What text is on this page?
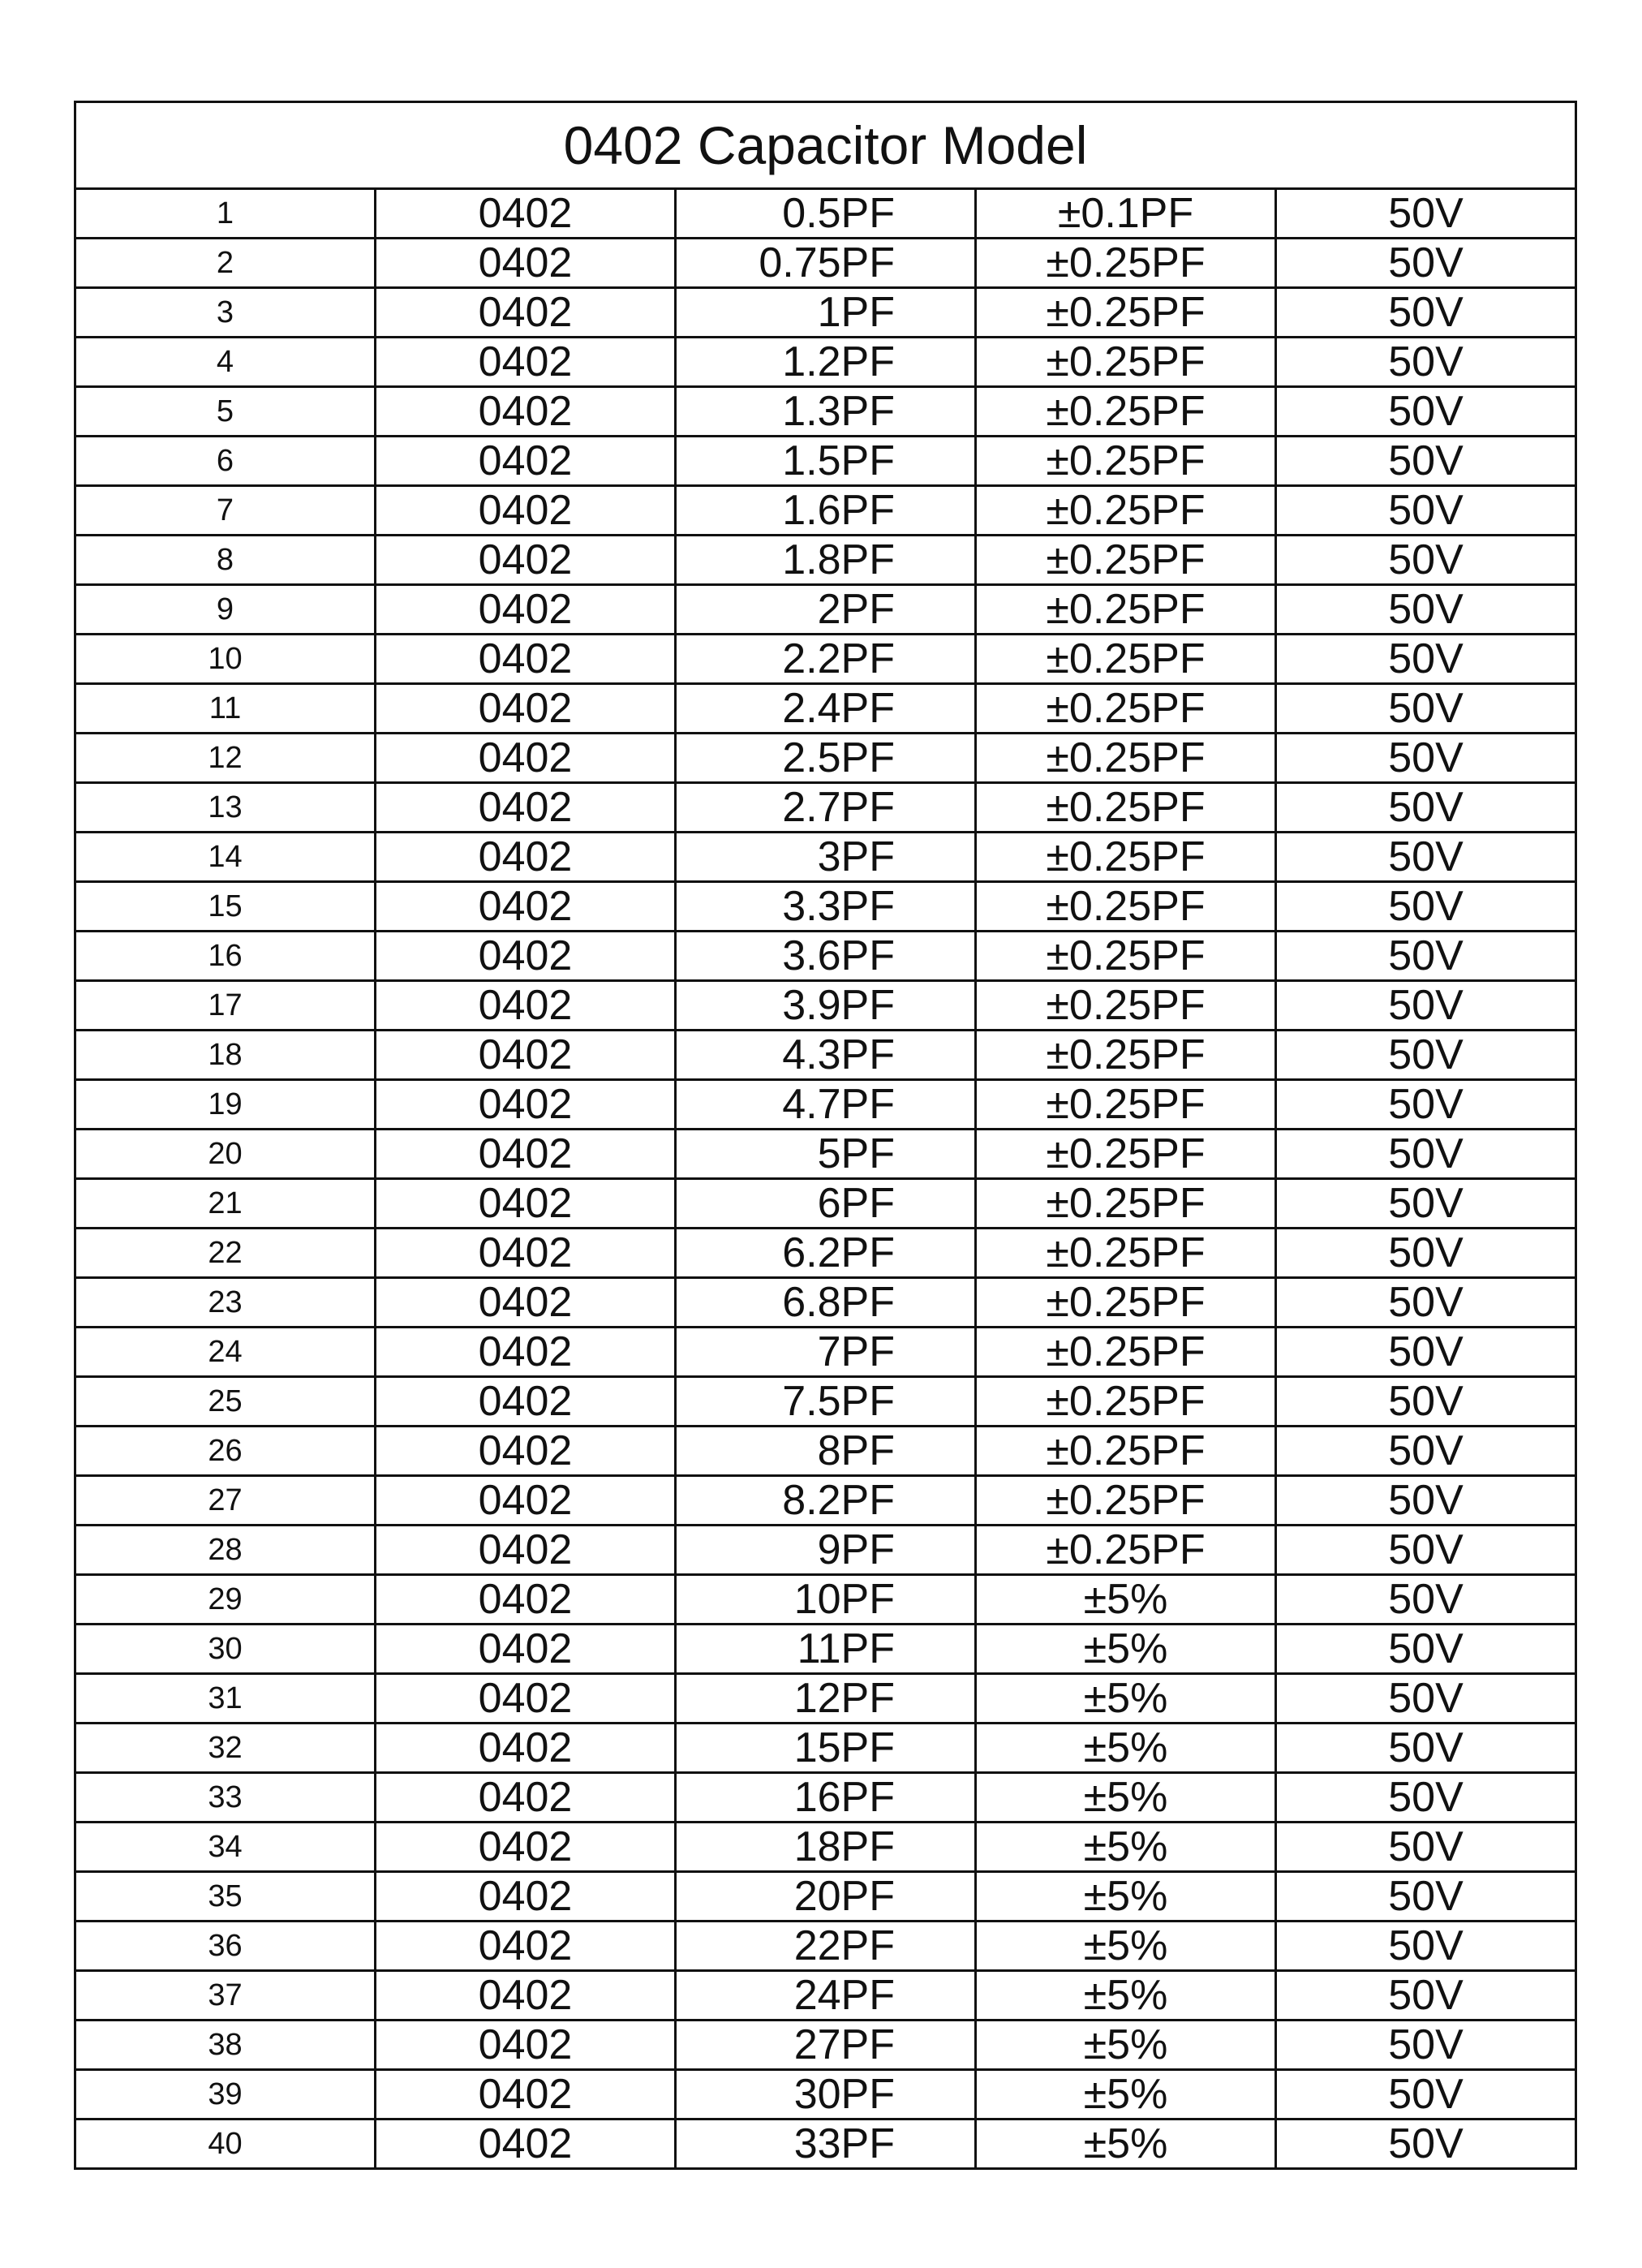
0402 Capacitor Model				
1	0402	0.5PF	±0.1PF	50V
2	0402	0.75PF	±0.25PF	50V
3	0402	1PF	±0.25PF	50V
4	0402	1.2PF	±0.25PF	50V
5	0402	1.3PF	±0.25PF	50V
6	0402	1.5PF	±0.25PF	50V
7	0402	1.6PF	±0.25PF	50V
8	0402	1.8PF	±0.25PF	50V
9	0402	2PF	±0.25PF	50V
10	0402	2.2PF	±0.25PF	50V
11	0402	2.4PF	±0.25PF	50V
12	0402	2.5PF	±0.25PF	50V
13	0402	2.7PF	±0.25PF	50V
14	0402	3PF	±0.25PF	50V
15	0402	3.3PF	±0.25PF	50V
16	0402	3.6PF	±0.25PF	50V
17	0402	3.9PF	±0.25PF	50V
18	0402	4.3PF	±0.25PF	50V
19	0402	4.7PF	±0.25PF	50V
20	0402	5PF	±0.25PF	50V
21	0402	6PF	±0.25PF	50V
22	0402	6.2PF	±0.25PF	50V
23	0402	6.8PF	±0.25PF	50V
24	0402	7PF	±0.25PF	50V
25	0402	7.5PF	±0.25PF	50V
26	0402	8PF	±0.25PF	50V
27	0402	8.2PF	±0.25PF	50V
28	0402	9PF	±0.25PF	50V
29	0402	10PF	±5%	50V
30	0402	11PF	±5%	50V
31	0402	12PF	±5%	50V
32	0402	15PF	±5%	50V
33	0402	16PF	±5%	50V
34	0402	18PF	±5%	50V
35	0402	20PF	±5%	50V
36	0402	22PF	±5%	50V
37	0402	24PF	±5%	50V
38	0402	27PF	±5%	50V
39	0402	30PF	±5%	50V
40	0402	33PF	±5%	50V
